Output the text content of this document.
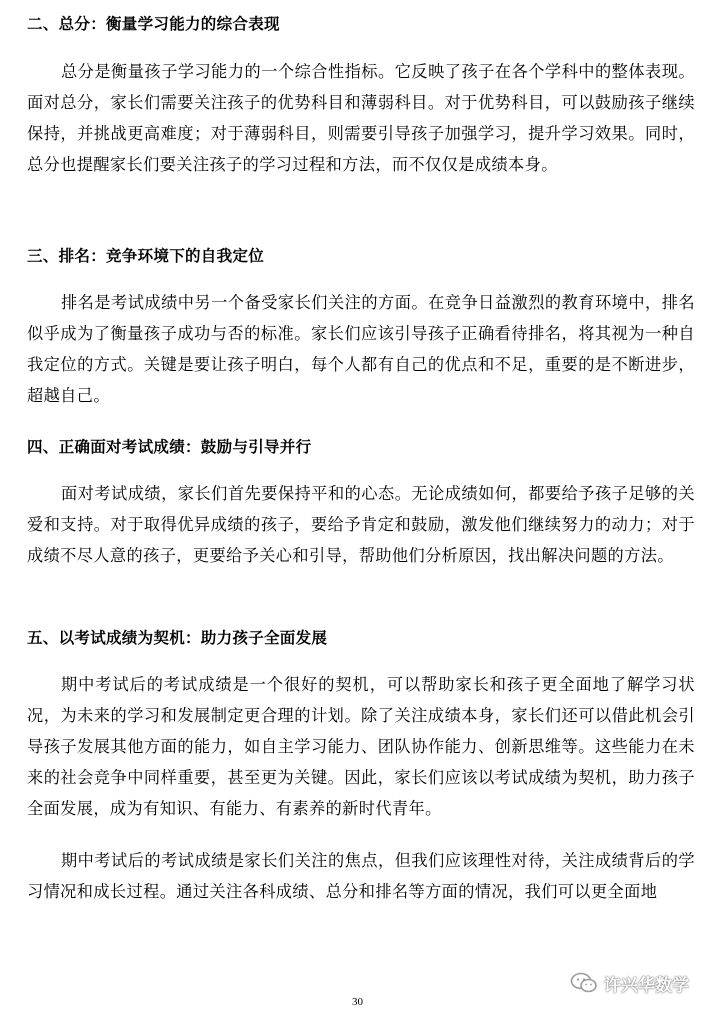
二、总分：衡量学习能力的综合表现
总分是衡量孩子学习能力的一个综合性指标。它反映了孩子在各个学科中的整体表现。面对总分，家长们需要关注孩子的优势科目和薄弱科目。对于优势科目，可以鼓励孩子继续保持，并挑战更高难度；对于薄弱科目，则需要引导孩子加强学习，提升学习效果。同时，总分也提醒家长们要关注孩子的学习过程和方法，而不仅仅是成绩本身。
三、排名：竞争环境下的自我定位
排名是考试成绩中另一个备受家长们关注的方面。在竞争日益激烈的教育环境中，排名似乎成为了衡量孩子成功与否的标准。家长们应该引导孩子正确看待排名，将其视为一种自我定位的方式。关键是要让孩子明白，每个人都有自己的优点和不足，重要的是不断进步，超越自己。
四、正确面对考试成绩：鼓励与引导并行
面对考试成绩，家长们首先要保持平和的心态。无论成绩如何，都要给予孩子足够的关爱和支持。对于取得优异成绩的孩子，要给予肯定和鼓励，激发他们继续努力的动力；对于成绩不尽人意的孩子，更要给予关心和引导，帮助他们分析原因，找出解决问题的方法。
五、以考试成绩为契机：助力孩子全面发展
期中考试后的考试成绩是一个很好的契机，可以帮助家长和孩子更全面地了解学习状况，为未来的学习和发展制定更合理的计划。除了关注成绩本身，家长们还可以借此机会引导孩子发展其他方面的能力，如自主学习能力、团队协作能力、创新思维等。这些能力在未来的社会竞争中同样重要，甚至更为关键。因此，家长们应该以考试成绩为契机，助力孩子全面发展，成为有知识、有能力、有素养的新时代青年。
期中考试后的考试成绩是家长们关注的焦点，但我们应该理性对待，关注成绩背后的学习情况和成长过程。通过关注各科成绩、总分和排名等方面的情况，我们可以更全面地
许兴华数学
30
